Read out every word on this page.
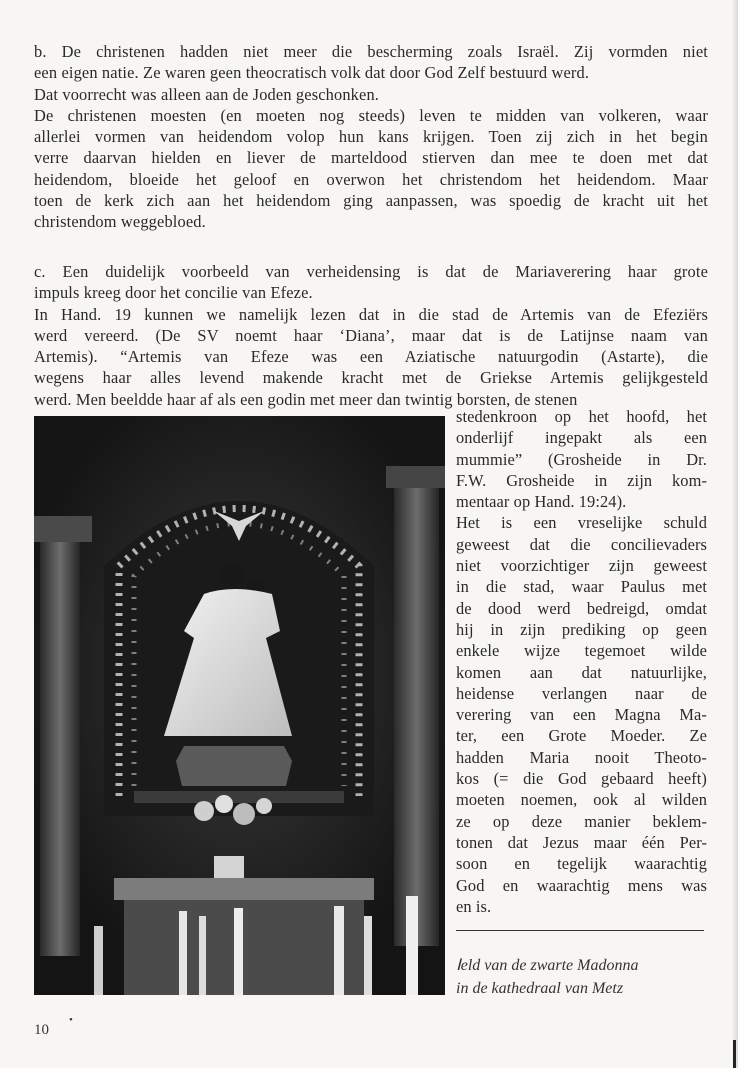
b. De christenen hadden niet meer die bescherming zoals Israël. Zij vormden niet
een eigen natie. Ze waren geen theocratisch volk dat door God Zelf bestuurd werd.
Dat voorrecht was alleen aan de Joden geschonken.
De christenen moesten (en moeten nog steeds) leven te midden van volkeren, waar
allerlei vormen van heidendom volop hun kans krijgen. Toen zij zich in het begin
verre daarvan hielden en liever de marteldood stierven dan mee te doen met dat
heidendom, bloeide het geloof en overwon het christendom het heidendom. Maar
toen de kerk zich aan het heidendom ging aanpassen, was spoedig de kracht uit het
christendom weggebloed.
c. Een duidelijk voorbeeld van verheidensing is dat de Mariaverering haar grote
impuls kreeg door het concilie van Efeze.
In Hand. 19 kunnen we namelijk lezen dat in die stad de Artemis van de Efeziërs
werd vereerd. (De SV noemt haar ‘Diana’, maar dat is de Latijnse naam van
Artemis). “Artemis van Efeze was een Aziatische natuurgodin (Astarte), die
wegens haar alles levend makende kracht met de Griekse Artemis gelijkgesteld
werd. Men beeldde haar af als een godin met meer dan twintig borsten, de stenen
stedenkroon op het hoofd, het
onderlijf ingepakt als een
mummie” (Grosheide in Dr.
F.W. Grosheide in zijn kom-
mentaar op Hand. 19:24).
Het is een vreselijke schuld
geweest dat die concilievaders
niet voorzichtiger zijn geweest
in die stad, waar Paulus met
de dood werd bedreigd, omdat
hij in zijn prediking op geen
enkele wijze tegemoet wilde
komen aan dat natuurlijke,
heidense verlangen naar de
verering van een Magna Ma-
ter, een Grote Moeder. Ze
hadden Maria nooit Theoto-
kos (= die God gebaard heeft)
moeten noemen, ook al wilden
ze op deze manier beklem-
tonen dat Jezus maar één Per-
soon en tegelijk waarachtig
God en waarachtig mens was
en is.
ⵏeld van de zwarte Madonna
in de kathedraal van Metz
10
•
